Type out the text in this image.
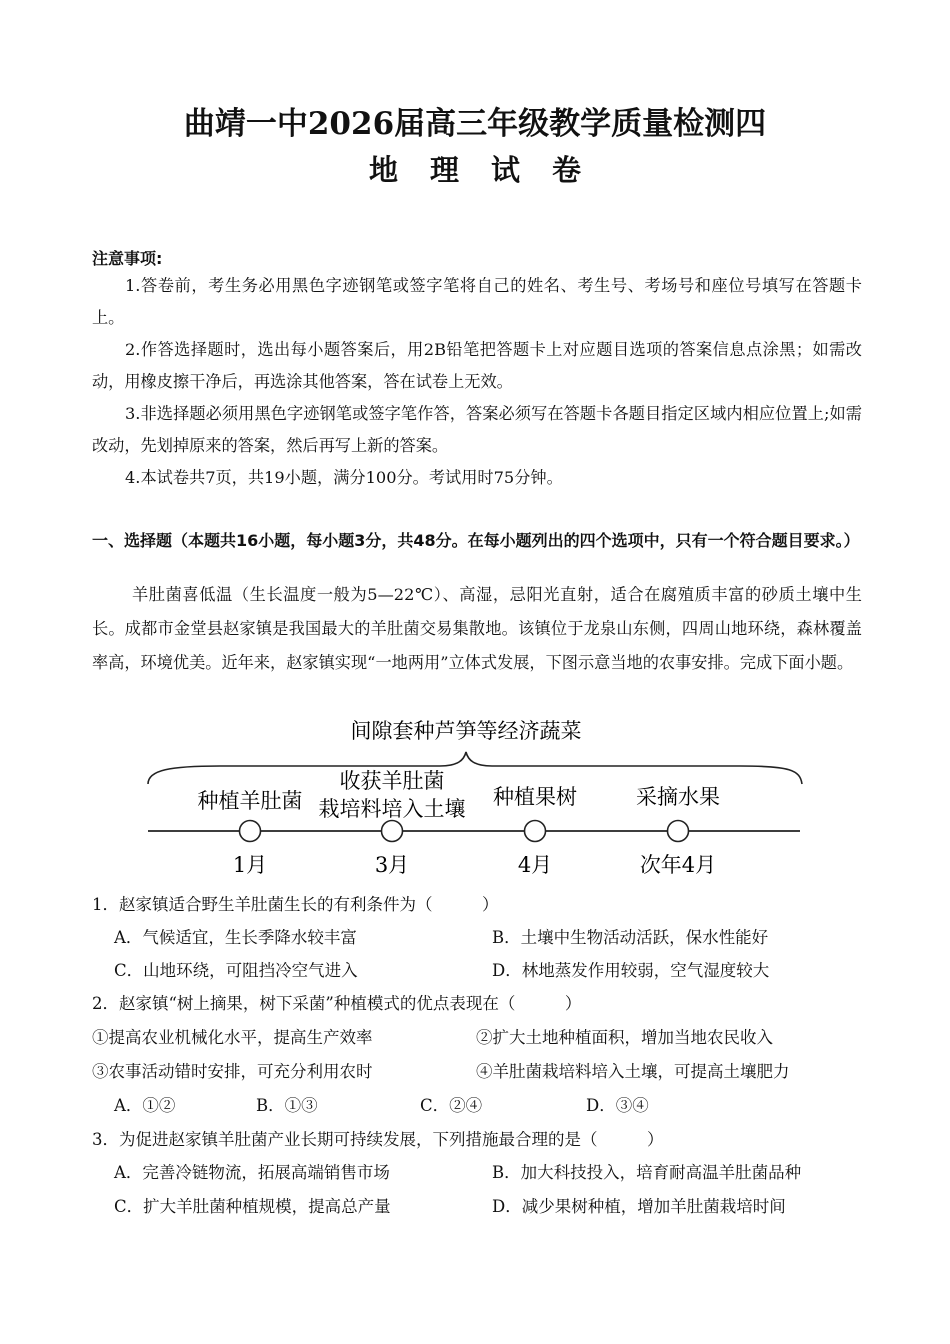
曲靖一中2026届高三年级教学质量检测四
地理试卷
注意事项:
1.答卷前，考生务必用黑色字迹钢笔或签字笔将自己的姓名、考生号、考场号和座位号填写在答题卡上。
2.作答选择题时，选出每小题答案后，用2B铅笔把答题卡上对应题目选项的答案信息点涂黑；如需改动，用橡皮擦干净后，再选涂其他答案，答在试卷上无效。
3.非选择题必须用黑色字迹钢笔或签字笔作答，答案必须写在答题卡各题目指定区域内相应位置上;如需改动，先划掉原来的答案，然后再写上新的答案。
4.本试卷共7页，共19小题，满分100分。考试用时75分钟。
一、选择题（本题共16小题，每小题3分，共48分。在每小题列出的四个选项中，只有一个符合题目要求。）
羊肚菌喜低温（生长温度一般为5—22℃）、高湿，忌阳光直射，适合在腐殖质丰富的砂质土壤中生长。成都市金堂县赵家镇是我国最大的羊肚菌交易集散地。该镇位于龙泉山东侧，四周山地环绕，森林覆盖率高，环境优美。近年来，赵家镇实现“一地两用”立体式发展，下图示意当地的农事安排。完成下面小题。
间隙套种芦笋等经济蔬菜
种植羊肚菌
收获羊肚菌
栽培料培入土壤 种植果树	采摘水果
1月	3月	4月	次年4月
1．赵家镇适合野生羊肚菌生长的有利条件为（　　　）
A．气候适宜，生长季降水较丰富	B．土壤中生物活动活跃，保水性能好
C．山地环绕，可阻挡冷空气进入	D．林地蒸发作用较弱，空气湿度较大
2．赵家镇“树上摘果，树下采菌”种植模式的优点表现在（　　　）
①提高农业机械化水平，提高生产效率	②扩大土地种植面积，增加当地农民收入
③农事活动错时安排，可充分利用农时	④羊肚菌栽培料培入土壤，可提高土壤肥力
A．①②	B．①③	C．②④	D．③④
3．为促进赵家镇羊肚菌产业长期可持续发展，下列措施最合理的是（　　　）
A．完善冷链物流，拓展高端销售市场	B．加大科技投入，培育耐高温羊肚菌品种
C．扩大羊肚菌种植规模，提高总产量	D．减少果树种植，增加羊肚菌栽培时间
